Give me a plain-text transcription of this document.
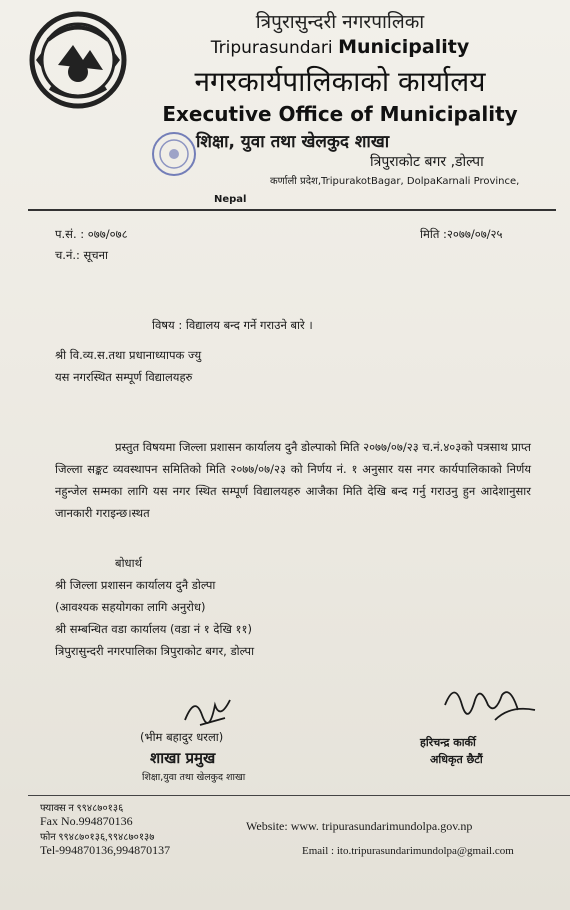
त्रिपुरासुन्दरी नगरपालिका
Tripurasundari Municipality
नगरकार्यपालिकाको कार्यालय
Executive Office of Municipality
शिक्षा, युवा तथा खेलकुद शाखा
त्रिपुराकोट बगर ,डोल्पा
कर्णाली प्रदेश,TripurakotBagar, DolpaKarnali Province,
Nepal
प.सं. : ०७७/०७८
च.नं.: सूचना
मिति :२०७७/०७/२५
विषय : विद्यालय बन्द गर्ने गराउने बारे ।
श्री वि.व्य.स.तथा प्रधानाध्यापक ज्यु
यस नगरस्थित सम्पूर्ण विद्यालयहरु
प्रस्तुत विषयमा जिल्ला प्रशासन कार्यालय दुनै डोल्पाको मिति २०७७/०७/२३ च.नं.४०३को पत्रसाथ प्राप्त जिल्ला सङ्कट व्यवस्थापन समितिको मिति २०७७/०७/२३ को निर्णय नं. १ अनुसार यस नगर कार्यपालिकाको निर्णय नहुन्जेल सम्मका लागि यस नगर स्थित सम्पूर्ण विद्यालयहरु आजैका मिति देखि बन्द गर्नु गराउनु हुन आदेशानुसार जानकारी गराइन्छ।स्थत
बोधार्थ
श्री जिल्ला प्रशासन कार्यालय दुनै डोल्पा
(आवश्यक सहयोगका लागि अनुरोध)
श्री सम्बन्धित वडा कार्यालय (वडा नं १ देखि ११)
त्रिपुरासुन्दरी नगरपालिका त्रिपुराकोट बगर, डोल्पा
(भीम बहादुर धरला)
शाखा प्रमुख
शिक्षा,युवा तथा खेलकुद शाखा
हरिचन्द्र कार्की
अधिकृत छैटौं
फ्याक्स न ९९४८७०१३६
Fax No.994870136
फोन ९९४८७०१३६,९९४८७०१३७
Tel-994870136,994870137
Website: www. tripurasundarimundolpa.gov.np
Email : ito.tripurasundarimundolpa@gmail.com
